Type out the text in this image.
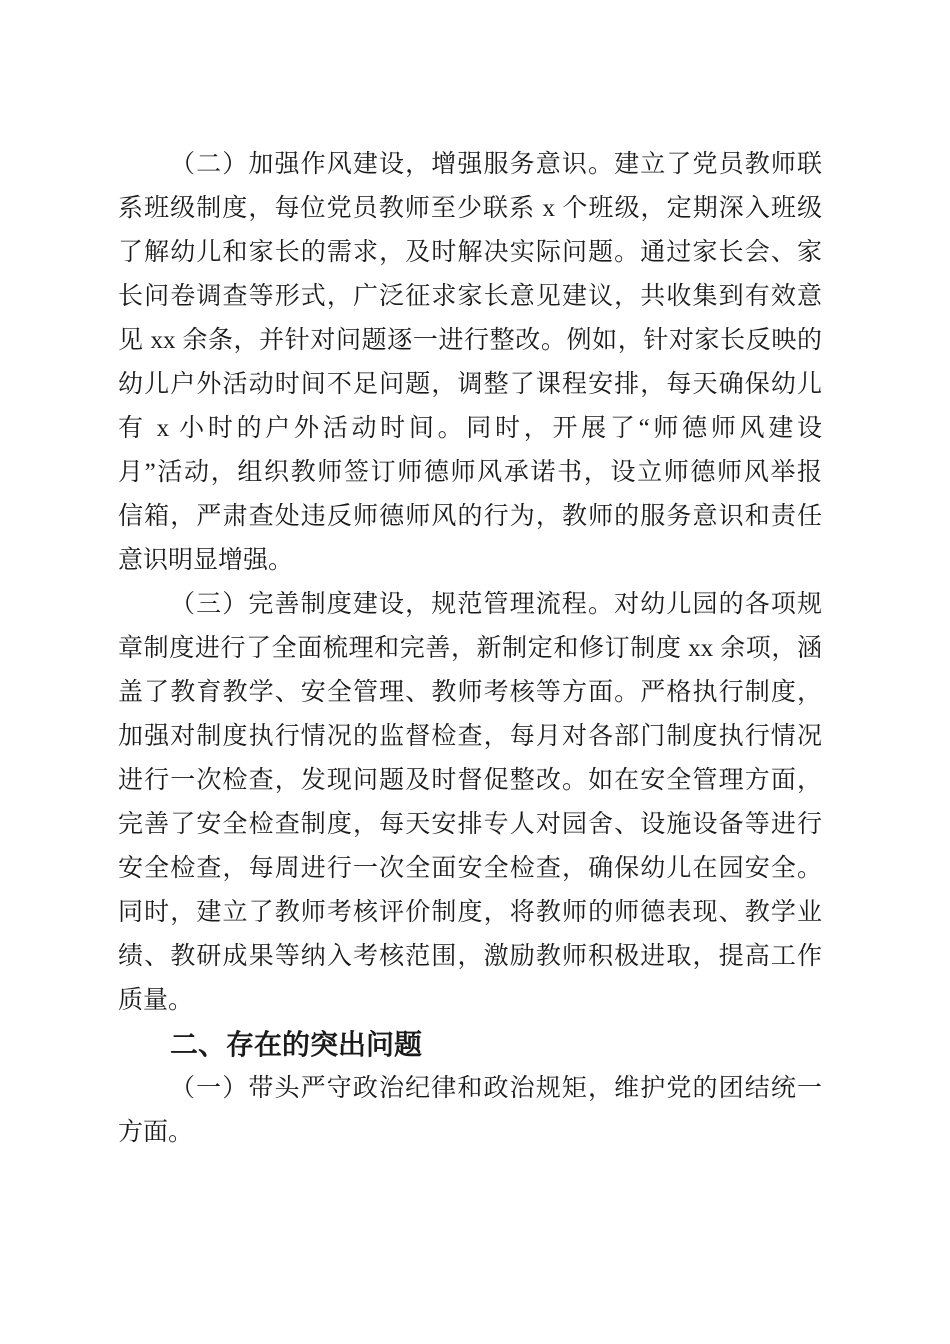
（二）加强作风建设，增强服务意识。建立了党员教师联
系班级制度，每位党员教师至少联系 x 个班级，定期深入班级
了解幼儿和家长的需求，及时解决实际问题。通过家长会、家
长问卷调查等形式，广泛征求家长意见建议，共收集到有效意
见 xx 余条，并针对问题逐一进行整改。例如，针对家长反映的
幼儿户外活动时间不足问题，调整了课程安排，每天确保幼儿
有 x 小时的户外活动时间。同时，开展了“师德师风建设
月”活动，组织教师签订师德师风承诺书，设立师德师风举报
信箱，严肃查处违反师德师风的行为，教师的服务意识和责任
意识明显增强。

（三）完善制度建设，规范管理流程。对幼儿园的各项规
章制度进行了全面梳理和完善，新制定和修订制度 xx 余项，涵
盖了教育教学、安全管理、教师考核等方面。严格执行制度，
加强对制度执行情况的监督检查，每月对各部门制度执行情况
进行一次检查，发现问题及时督促整改。如在安全管理方面，
完善了安全检查制度，每天安排专人对园舍、设施设备等进行
安全检查，每周进行一次全面安全检查，确保幼儿在园安全。
同时，建立了教师考核评价制度，将教师的师德表现、教学业
绩、教研成果等纳入考核范围，激励教师积极进取，提高工作
质量。

二、存在的突出问题

（一）带头严守政治纪律和政治规矩，维护党的团结统一
方面。
